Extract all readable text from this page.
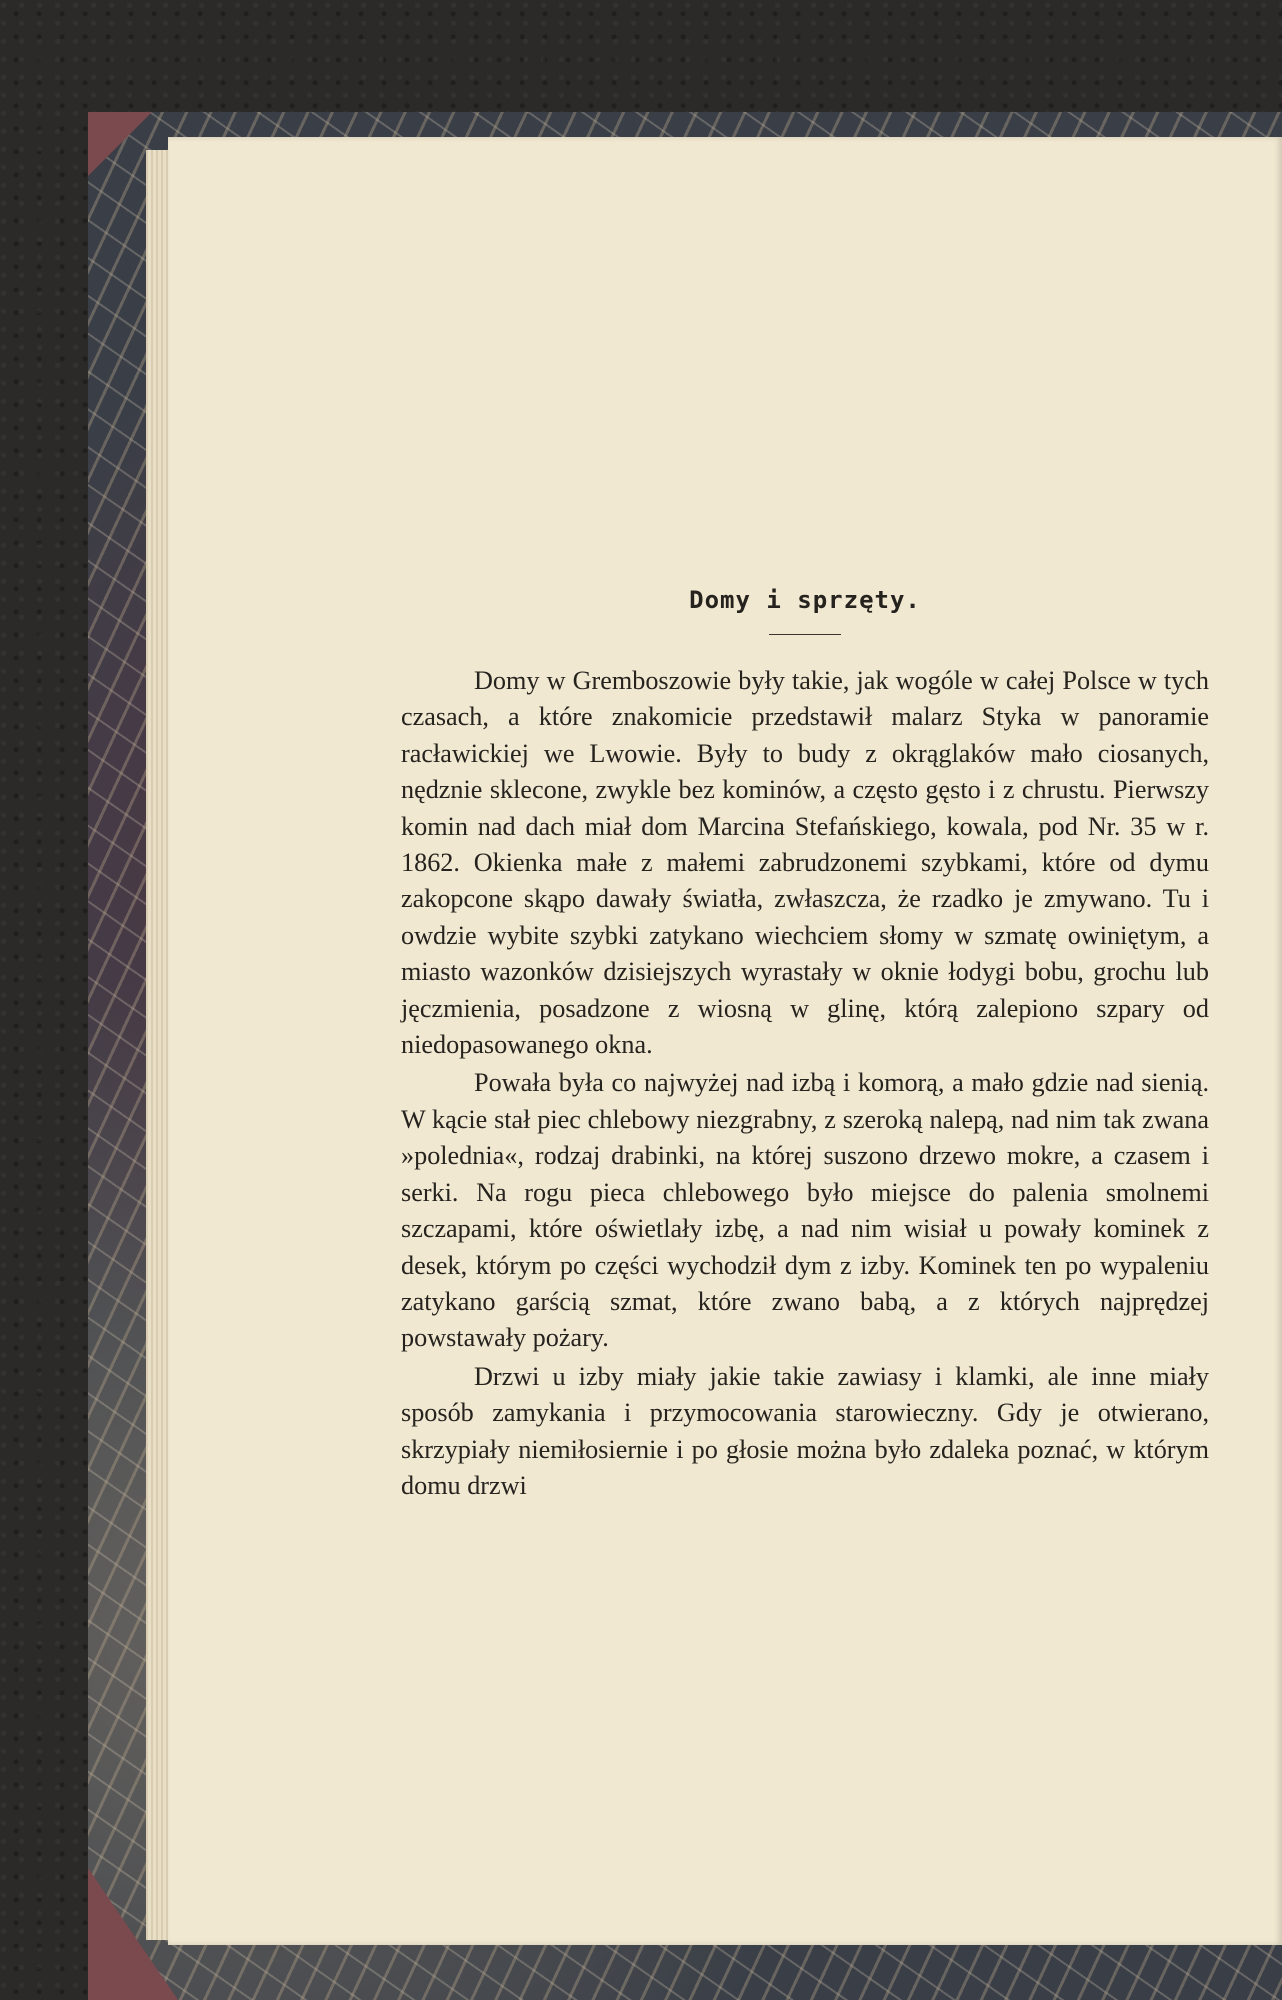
Domy i sprzęty.

Domy w Gremboszowie były takie, jak wogóle w całej Polsce w tych czasach, a które znakomicie przedstawił malarz Styka w panoramie racławickiej we Lwowie. Były to budy z okrąglaków mało ciosanych, nędznie sklecone, zwykle bez kominów, a często gęsto i z chrustu. Pierwszy komin nad dach miał dom Marcina Stefańskiego, kowala, pod Nr. 35 w r. 1862. Okienka małe z małemi zabrudzonemi szybkami, które od dymu zakopcone skąpo dawały światła, zwłaszcza, że rzadko je zmywano. Tu i owdzie wybite szybki zatykano wiechciem słomy w szmatę owiniętym, a miasto wazonków dzisiejszych wyrastały w oknie łodygi bobu, grochu lub jęczmienia, posadzone z wiosną w glinę, którą zalepiono szpary od niedopasowanego okna.

Powała była co najwyżej nad izbą i komorą, a mało gdzie nad sienią. W kącie stał piec chlebowy niezgrabny, z szeroką nalepą, nad nim tak zwana »polednia«, rodzaj drabinki, na której suszono drzewo mokre, a czasem i serki. Na rogu pieca chlebowego było miejsce do palenia smolnemi szczapami, które oświetlały izbę, a nad nim wisiał u powały kominek z desek, którym po części wychodził dym z izby. Kominek ten po wypaleniu zatykano garścią szmat, które zwano babą, a z których najprędzej powstawały pożary.

Drzwi u izby miały jakie takie zawiasy i klamki, ale inne miały sposób zamykania i przymocowania starowieczny. Gdy je otwierano, skrzypiały niemiłosiernie i po głosie można było zdaleka poznać, w którym domu drzwi
